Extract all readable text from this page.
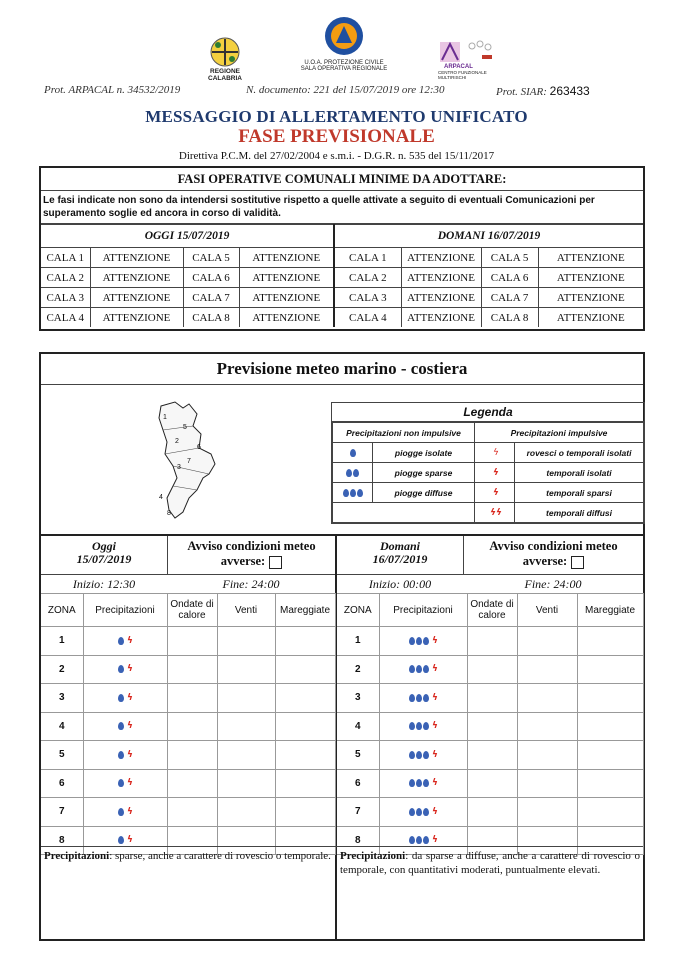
REGIONE CALABRIA
U.O.A. PROTEZIONE CIVILE
SALA OPERATIVA REGIONALE	ARPACAL
CENTRO FUNZIONALE MULTIRISCHI
Prot. ARPACAL n. 34532/2019	N. documento: 221 del 15/07/2019 ore 12:30	Prot. SIAR: 263433
MESSAGGIO DI ALLERTAMENTO UNIFICATO
FASE PREVISIONALE
Direttiva P.C.M. del 27/02/2004 e s.m.i. - D.G.R. n. 535 del 15/11/2017
FASI OPERATIVE COMUNALI MINIME DA ADOTTARE:
Le fasi indicate non sono da intendersi sostitutive rispetto a quelle attivate a seguito di eventuali Comunicazioni per superamento soglie ed ancora in corso di validità.
OGGI 15/07/2019				DOMANI 16/07/2019			
CALA 1	ATTENZIONE	CALA 5	ATTENZIONE	CALA 1	ATTENZIONE	CALA 5	ATTENZIONE
CALA 2	ATTENZIONE	CALA 6	ATTENZIONE	CALA 2	ATTENZIONE	CALA 6	ATTENZIONE
CALA 3	ATTENZIONE	CALA 7	ATTENZIONE	CALA 3	ATTENZIONE	CALA 7	ATTENZIONE
CALA 4	ATTENZIONE	CALA 8	ATTENZIONE	CALA 4	ATTENZIONE	CALA 8	ATTENZIONE
Previsione meteo marino - costiera
1
5
2
6
7
3
4
8
Legenda
Precipitazioni non impulsive		Precipitazioni impulsive	
	piogge isolate	ϟ	rovesci o temporali isolati
	piogge sparse	ϟ	temporali isolati
	piogge diffuse	ϟ	temporali sparsi
		ϟϟ	temporali diffusi
Oggi
15/07/2019
Avviso condizioni meteo avverse:
Inizio: 12:30	Fine: 24:00
ZONA	Precipitazioni	Ondate di calore	Venti	Mareggiate
1	ϟ			
2	ϟ			
3	ϟ			
4	ϟ			
5	ϟ			
6	ϟ			
7	ϟ			
8	ϟ			
Domani
16/07/2019
Avviso condizioni meteo avverse:
Inizio: 00:00	Fine: 24:00
ZONA	Precipitazioni	Ondate di calore	Venti	Mareggiate
1	ϟ			
2	ϟ			
3	ϟ			
4	ϟ			
5	ϟ			
6	ϟ			
7	ϟ			
8	ϟ			
Precipitazioni: sparse, anche a carattere di rovescio o temporale. Precipitazioni: da sparse a diffuse, anche a carattere di rovescio o temporale, con quantitativi moderati, puntualmente elevati.
